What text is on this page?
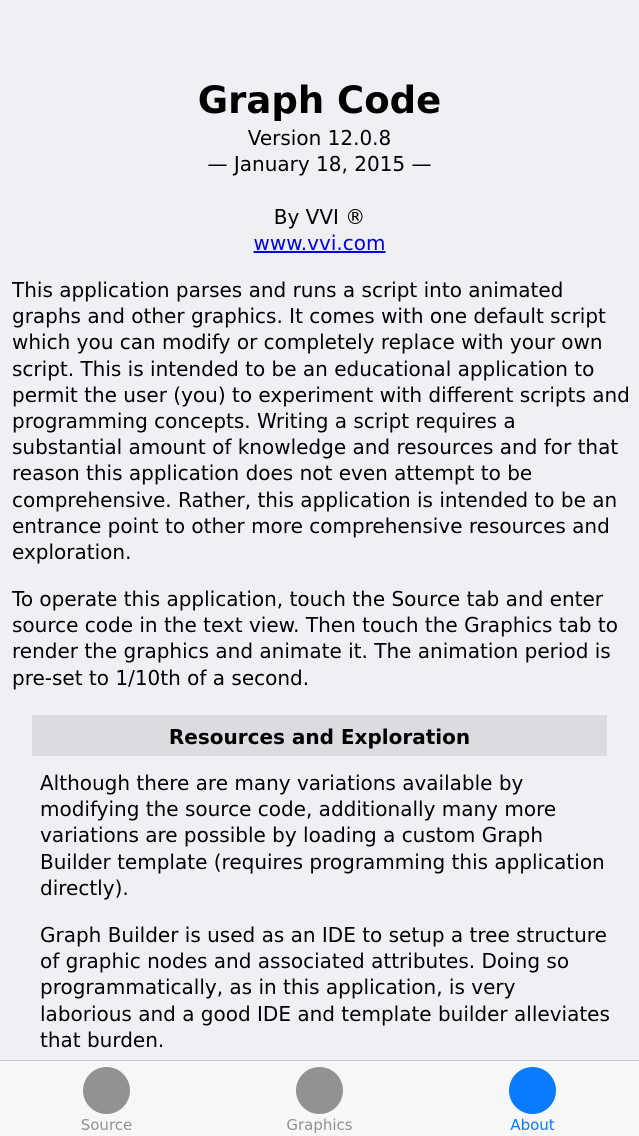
Graph Code
Version 12.0.8
— January 18, 2015 —
By VVI ®
www.vvi.com

This application parses and runs a script into animated graphs and other graphics. It comes with one default script which you can modify or completely replace with your own script. This is intended to be an educational application to permit the user (you) to experiment with different scripts and programming concepts. Writing a script requires a substantial amount of knowledge and resources and for that reason this application does not even attempt to be comprehensive. Rather, this application is intended to be an entrance point to other more comprehensive resources and exploration.

To operate this application, touch the Source tab and enter source code in the text view. Then touch the Graphics tab to render the graphics and animate it. The animation period is pre-set to 1/10th of a second.

Resources and Exploration

Although there are many variations available by modifying the source code, additionally many more variations are possible by loading a custom Graph Builder template (requires programming this application directly).

Graph Builder is used as an IDE to setup a tree structure of graphic nodes and associated attributes. Doing so programmatically, as in this application, is very laborious and a good IDE and template builder alleviates that burden.

Source	Graphics	About
